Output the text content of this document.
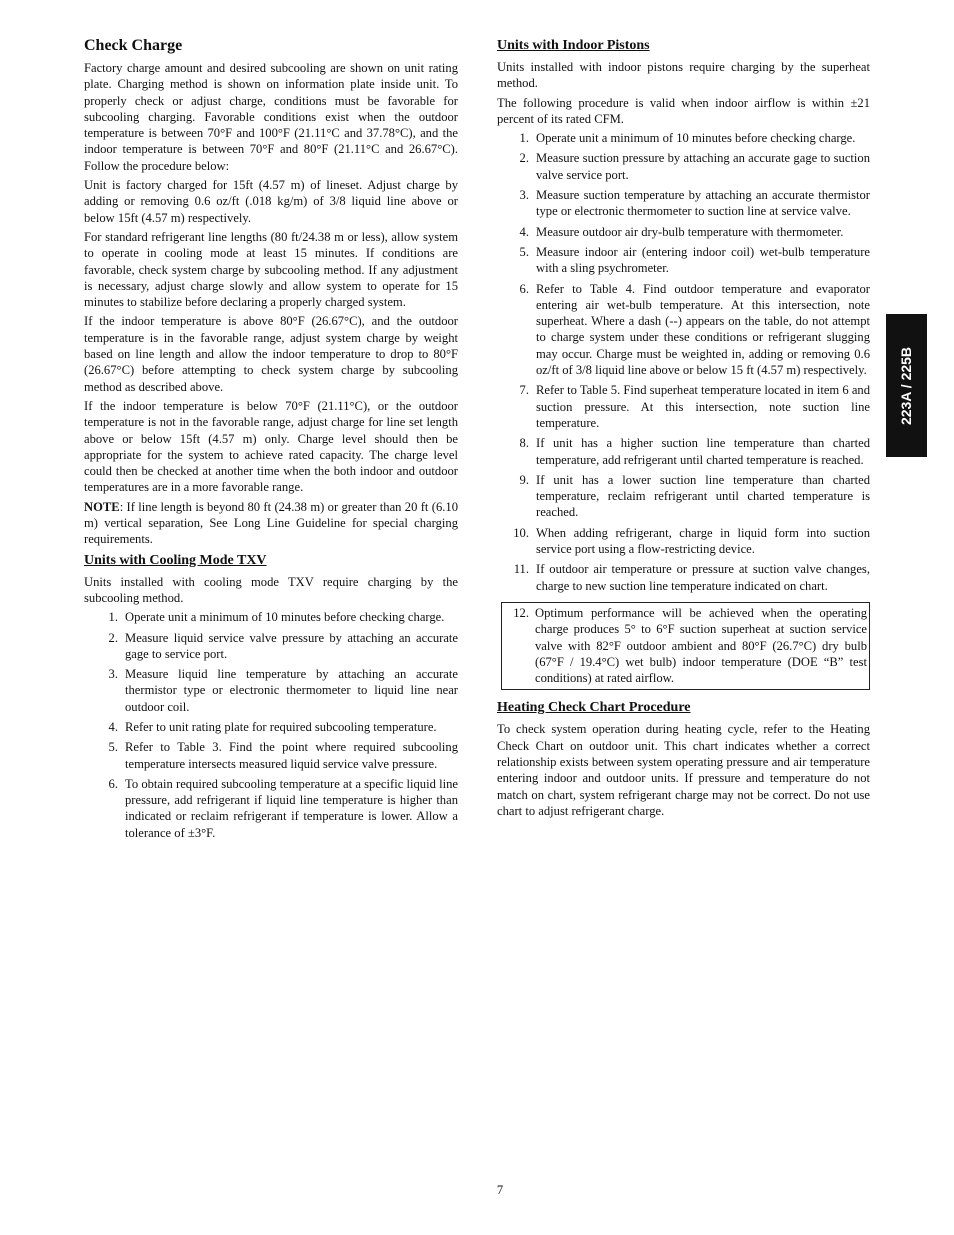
Check Charge

Factory charge amount and desired subcooling are shown on unit rating plate. Charging method is shown on information plate inside unit. To properly check or adjust charge, conditions must be favorable for subcooling charging. Favorable conditions exist when the outdoor temperature is between 70°F and 100°F (21.11°C and 37.78°C), and the indoor temperature is between 70°F and 80°F (21.11°C and 26.67°C). Follow the procedure below:

Unit is factory charged for 15ft (4.57 m) of lineset. Adjust charge by adding or removing 0.6 oz/ft (.018 kg/m) of 3/8 liquid line above or below 15ft (4.57 m) respectively.

For standard refrigerant line lengths (80 ft/24.38 m or less), allow system to operate in cooling mode at least 15 minutes. If conditions are favorable, check system charge by subcooling method. If any adjustment is necessary, adjust charge slowly and allow system to operate for 15 minutes to stabilize before declaring a properly charged system.

If the indoor temperature is above 80°F (26.67°C), and the outdoor temperature is in the favorable range, adjust system charge by weight based on line length and allow the indoor temperature to drop to 80°F (26.67°C) before attempting to check system charge by subcooling method as described above.

If the indoor temperature is below 70°F (21.11°C), or the outdoor temperature is not in the favorable range, adjust charge for line set length above or below 15ft (4.57 m) only. Charge level should then be appropriate for the system to achieve rated capacity. The charge level could then be checked at another time when the both indoor and outdoor temperatures are in a more favorable range.

NOTE: If line length is beyond 80 ft (24.38 m) or greater than 20 ft (6.10 m) vertical separation, See Long Line Guideline for special charging requirements.

Units with Cooling Mode TXV

Units installed with cooling mode TXV require charging by the subcooling method.

1. Operate unit a minimum of 10 minutes before checking charge.
2. Measure liquid service valve pressure by attaching an accurate gage to service port.
3. Measure liquid line temperature by attaching an accurate thermistor type or electronic thermometer to liquid line near outdoor coil.
4. Refer to unit rating plate for required subcooling temperature.
5. Refer to Table 3. Find the point where required subcooling temperature intersects measured liquid service valve pressure.
6. To obtain required subcooling temperature at a specific liquid line pressure, add refrigerant if liquid line temperature is higher than indicated or reclaim refrigerant if temperature is lower. Allow a tolerance of ±3°F.
Units with Indoor Pistons

Units installed with indoor pistons require charging by the superheat method.

The following procedure is valid when indoor airflow is within ±21 percent of its rated CFM.

1. Operate unit a minimum of 10 minutes before checking charge.
2. Measure suction pressure by attaching an accurate gage to suction valve service port.
3. Measure suction temperature by attaching an accurate thermistor type or electronic thermometer to suction line at service valve.
4. Measure outdoor air dry-bulb temperature with thermometer.
5. Measure indoor air (entering indoor coil) wet-bulb temperature with a sling psychrometer.
6. Refer to Table 4. Find outdoor temperature and evaporator entering air wet-bulb temperature. At this intersection, note superheat. Where a dash (--) appears on the table, do not attempt to charge system under these conditions or refrigerant slugging may occur. Charge must be weighted in, adding or removing 0.6 oz/ft of 3/8 liquid line above or below 15 ft (4.57 m) respectively.
7. Refer to Table 5. Find superheat temperature located in item 6 and suction pressure. At this intersection, note suction line temperature.
8. If unit has a higher suction line temperature than charted temperature, add refrigerant until charted temperature is reached.
9. If unit has a lower suction line temperature than charted temperature, reclaim refrigerant until charted temperature is reached.
10. When adding refrigerant, charge in liquid form into suction service port using a flow-restricting device.
11. If outdoor air temperature or pressure at suction valve changes, charge to new suction line temperature indicated on chart.
12. Optimum performance will be achieved when the operating charge produces 5° to 6°F suction superheat at suction service valve with 82°F outdoor ambient and 80°F (26.7°C) dry bulb (67°F / 19.4°C) wet bulb) indoor temperature (DOE “B” test conditions) at rated airflow.
Heating Check Chart Procedure

To check system operation during heating cycle, refer to the Heating Check Chart on outdoor unit. This chart indicates whether a correct relationship exists between system operating pressure and air temperature entering indoor and outdoor units. If pressure and temperature do not match on chart, system refrigerant charge may not be correct. Do not use chart to adjust refrigerant charge.

223A / 225B
7
